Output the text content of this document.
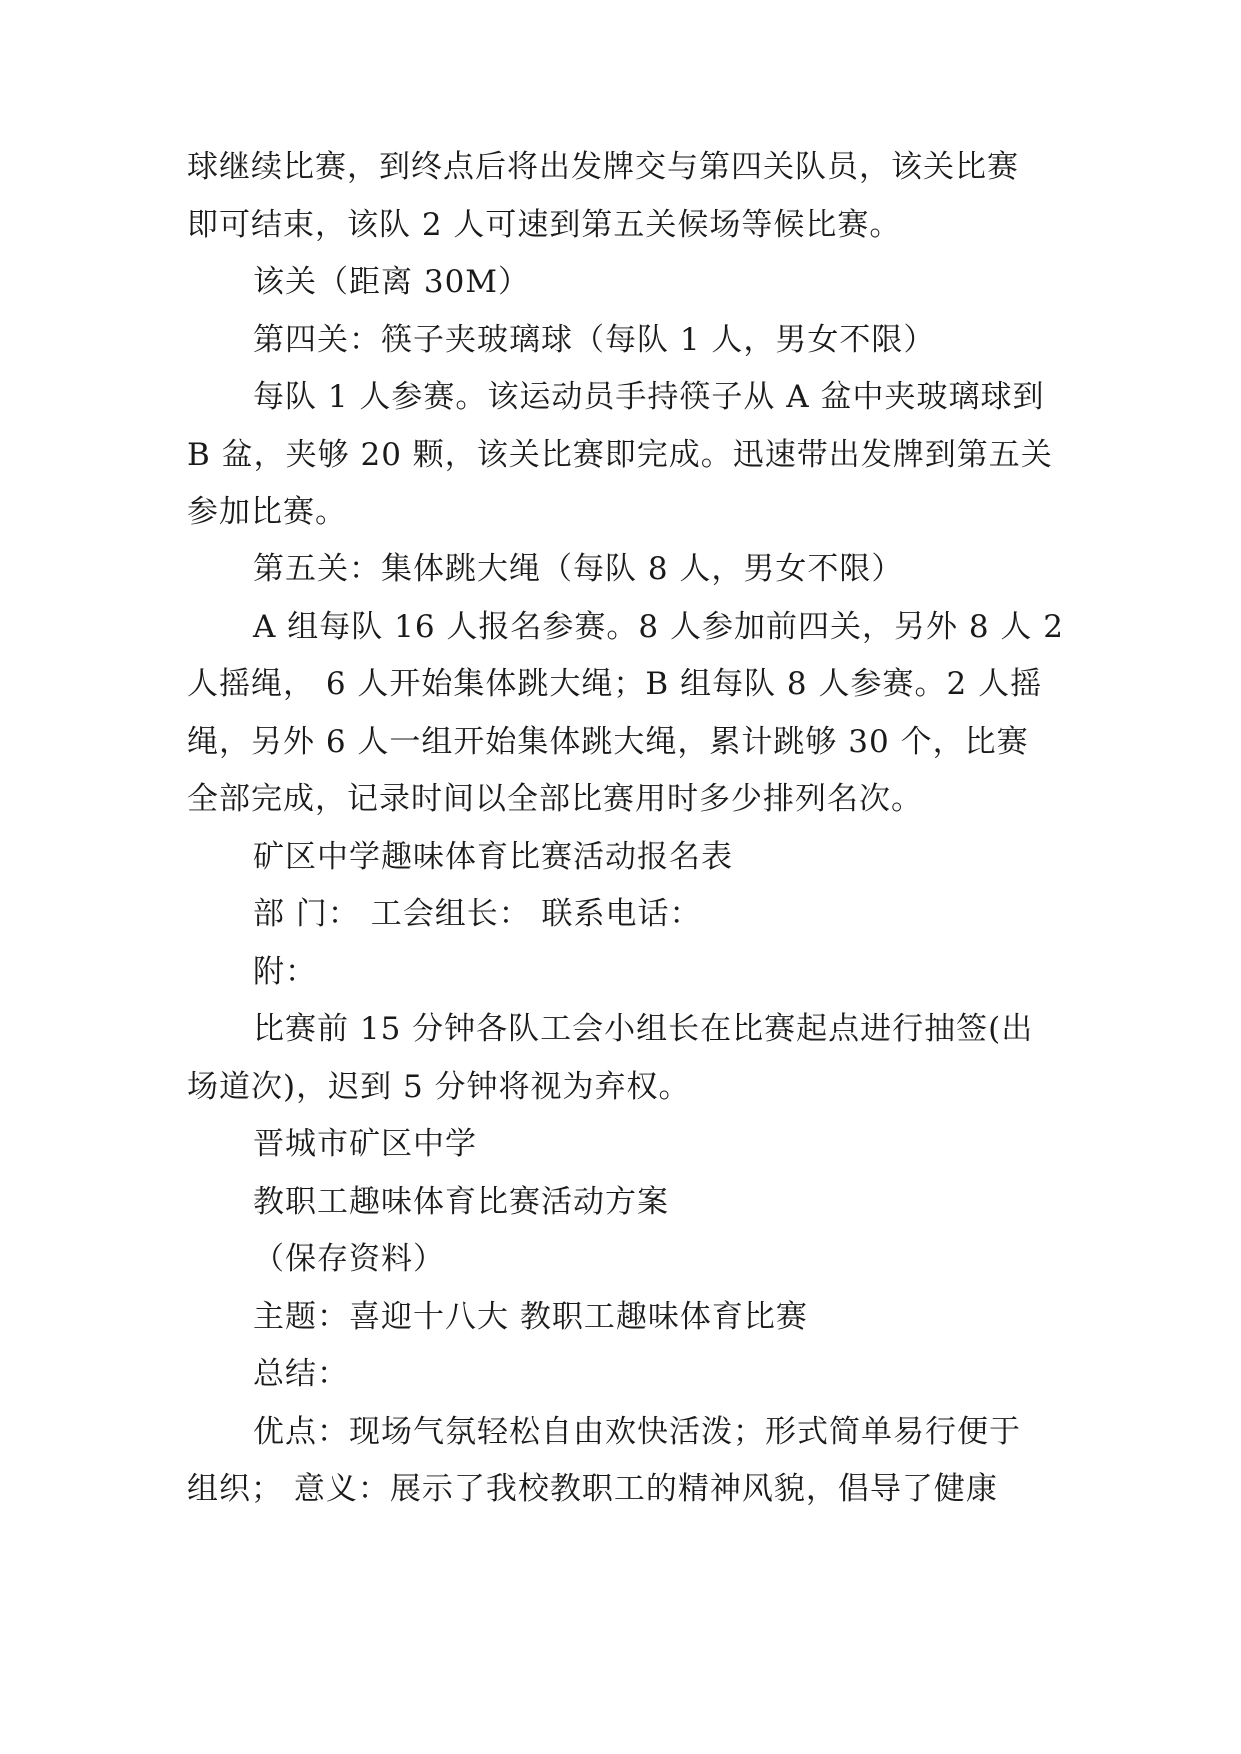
球继续比赛，到终点后将出发牌交与第四关队员，该关比赛
即可结束，该队 2 人可速到第五关候场等候比赛。
该关（距离 30M）
第四关：筷子夹玻璃球（每队 1 人，男女不限）
每队 1 人参赛。该运动员手持筷子从 A 盆中夹玻璃球到
B 盆，夹够 20 颗，该关比赛即完成。迅速带出发牌到第五关
参加比赛。
第五关：集体跳大绳（每队 8 人，男女不限）
A 组每队 16 人报名参赛。8 人参加前四关，另外 8 人 2
人摇绳， 6 人开始集体跳大绳；B 组每队 8 人参赛。2 人摇
绳，另外 6 人一组开始集体跳大绳，累计跳够 30 个，比赛
全部完成，记录时间以全部比赛用时多少排列名次。
矿区中学趣味体育比赛活动报名表
部 门： 工会组长： 联系电话：
附：
比赛前 15 分钟各队工会小组长在比赛起点进行抽签(出
场道次)，迟到 5 分钟将视为弃权。
晋城市矿区中学
教职工趣味体育比赛活动方案
（保存资料）
主题：喜迎十八大 教职工趣味体育比赛
总结：
优点：现场气氛轻松自由欢快活泼；形式简单易行便于
组织； 意义：展示了我校教职工的精神风貌，倡导了健康
